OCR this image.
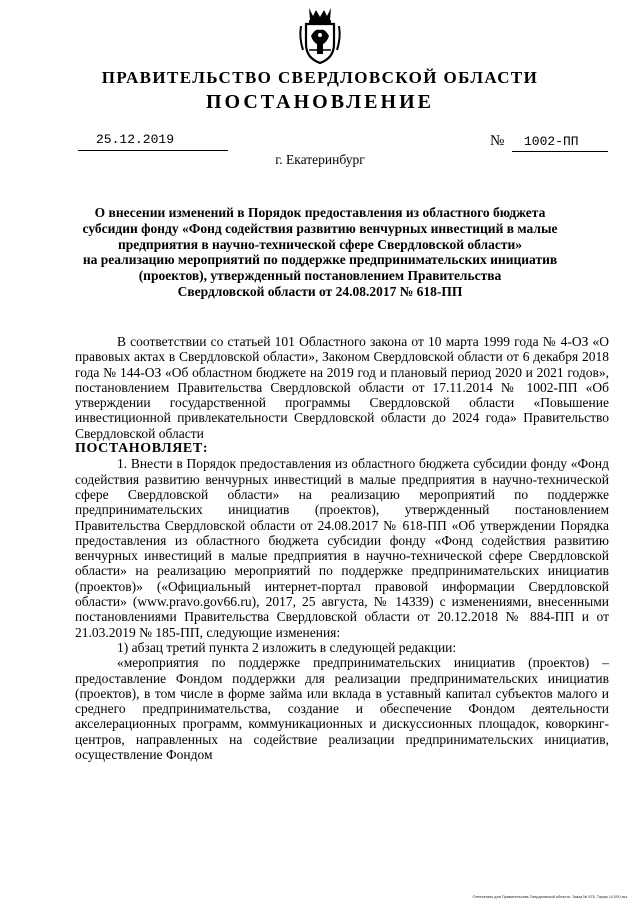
ПРАВИТЕЛЬСТВО СВЕРДЛОВСКОЙ ОБЛАСТИ
ПОСТАНОВЛЕНИЕ
25.12.2019	№	1002-ПП
г. Екатеринбург
О внесении изменений в Порядок предоставления из областного бюджета
субсидии фонду «Фонд содействия развитию венчурных инвестиций в малые
предприятия в научно-технической сфере Свердловской области»
на реализацию мероприятий по поддержке предпринимательских инициатив
(проектов), утвержденный постановлением Правительства
Свердловской области от 24.08.2017 № 618-ПП

В соответствии со статьей 101 Областного закона от 10 марта 1999 года № 4-ОЗ «О правовых актах в Свердловской области», Законом Свердловской области от 6 декабря 2018 года № 144-ОЗ «Об областном бюджете на 2019 год и плановый период 2020 и 2021 годов», постановлением Правительства Свердловской области от 17.11.2014 № 1002-ПП «Об утверждении государственной программы Свердловской области «Повышение инвестиционной привлекательности Свердловской области до 2024 года» Правительство Свердловской области

ПОСТАНОВЛЯЕТ:

1. Внести в Порядок предоставления из областного бюджета субсидии фонду «Фонд содействия развитию венчурных инвестиций в малые предприятия в научно-технической сфере Свердловской области» на реализацию мероприятий по поддержке предпринимательских инициатив (проектов), утвержденный постановлением Правительства Свердловской области от 24.08.2017 № 618-ПП «Об утверждении Порядка предоставления из областного бюджета субсидии фонду «Фонд содействия развитию венчурных инвестиций в малые предприятия в научно-технической сфере Свердловской области» на реализацию мероприятий по поддержке предпринимательских инициатив (проектов)» («Официальный интернет-портал правовой информации Свердловской области» (www.pravo.gov66.ru), 2017, 25 августа, № 14339) с изменениями, внесенными постановлениями Правительства Свердловской области от 20.12.2018 № 884-ПП и от 21.03.2019 № 185-ПП, следующие изменения:

1) абзац третий пункта 2 изложить в следующей редакции:

«мероприятия по поддержке предпринимательских инициатив (проектов) – предоставление Фондом поддержки для реализации предпринимательских инициатив (проектов), в том числе в форме займа или вклада в уставный капитал субъектов малого и среднего предпринимательства, создание и обеспечение Фондом деятельности акселерационных программ, коммуникационных и дискуссионных площадок, коворкинг-центров, направленных на содействие реализации предпринимательских инициатив, осуществление Фондом

Отпечатано для Правительства Свердловской области. Заказ № 575. Тираж 14 000 экз.
